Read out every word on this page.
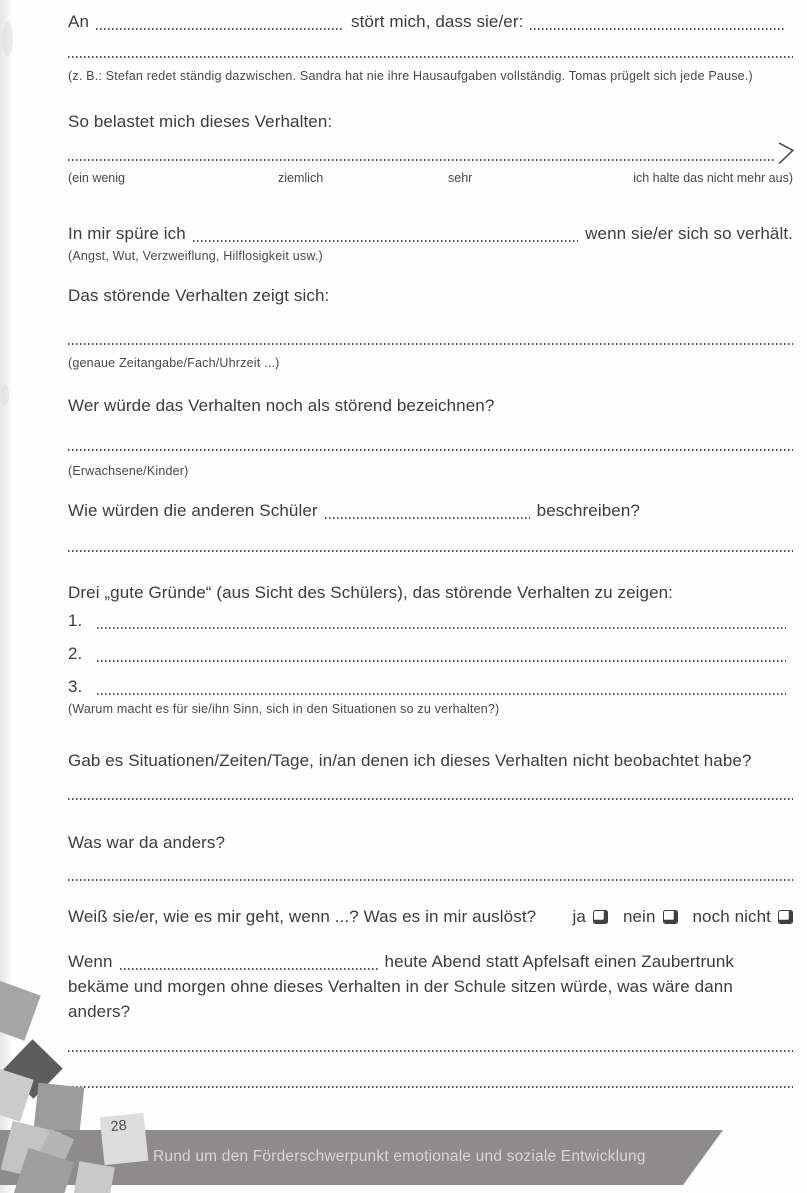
An	stört mich, dass sie/er:
(z. B.: Stefan redet ständig dazwischen. Sandra hat nie ihre Hausaufgaben vollständig. Tomas prügelt sich jede Pause.)
So belastet mich dieses Verhalten:
(ein wenig	ziemlich	sehr	ich halte das nicht mehr aus)
In mir spüre ich	wenn sie/er sich so verhält.
(Angst, Wut, Verzweiflung, Hilflosigkeit usw.)
Das störende Verhalten zeigt sich:
(genaue Zeitangabe/Fach/Uhrzeit ...)
Wer würde das Verhalten noch als störend bezeichnen?
(Erwachsene/Kinder)
Wie würden die anderen Schüler	beschreiben?
Drei „gute Gründe“ (aus Sicht des Schülers), das störende Verhalten zu zeigen:
1.
2.
3.
(Warum macht es für sie/ihn Sinn, sich in den Situationen so zu verhalten?)
Gab es Situationen/Zeiten/Tage, in/an denen ich dieses Verhalten nicht beobachtet habe?
Was war da anders?
Weiß sie/er, wie es mir geht, wenn ...? Was es in mir auslöst? ja nein noch nicht
Wenn	heute Abend statt Apfelsaft einen Zaubertrunk
bekäme und morgen ohne dieses Verhalten in der Schule sitzen würde, was wäre dann
anders?
28
Rund um den Förderschwerpunkt emotionale und soziale Entwicklung
